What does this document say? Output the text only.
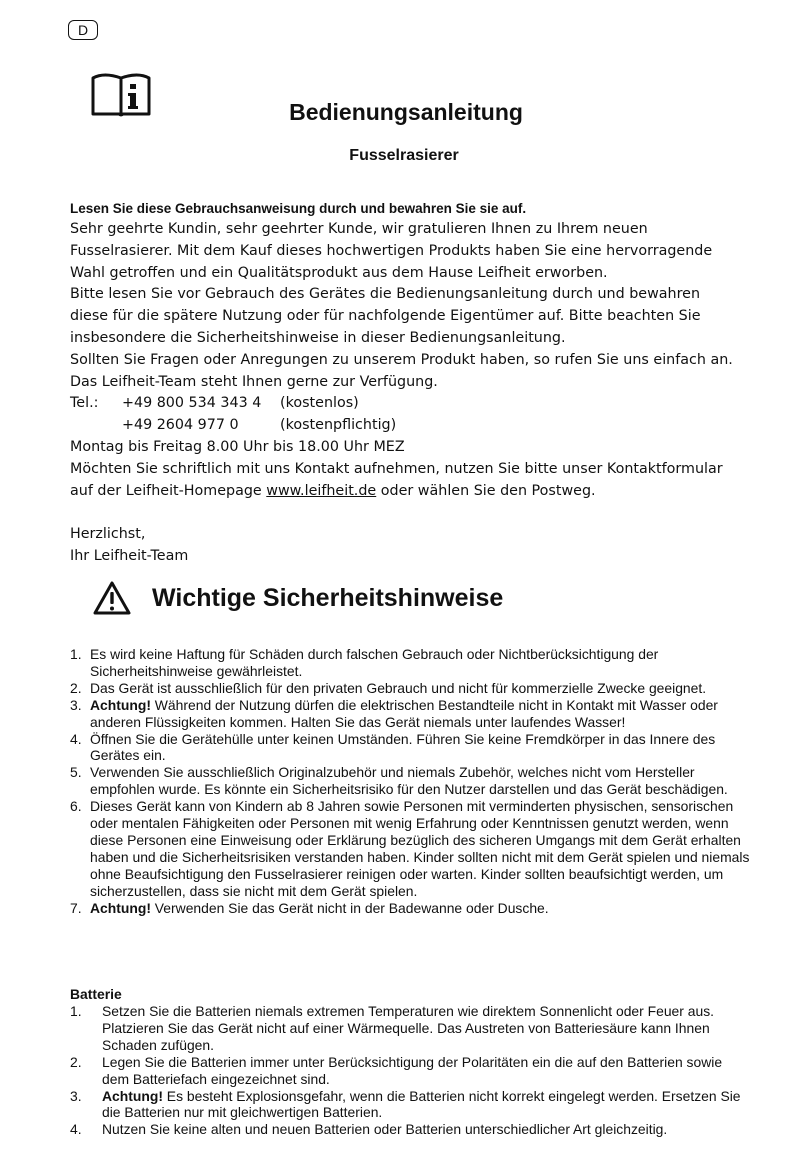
D
Bedienungsanleitung
Fusselrasierer
Lesen Sie diese Gebrauchsanweisung durch und bewahren Sie sie auf.

Sehr geehrte Kundin, sehr geehrter Kunde, wir gratulieren Ihnen zu Ihrem neuen

Fusselrasierer. Mit dem Kauf dieses hochwertigen Produkts haben Sie eine hervorragende

Wahl getroffen und ein Qualitätsprodukt aus dem Hause Leifheit erworben.

Bitte lesen Sie vor Gebrauch des Gerätes die Bedienungsanleitung durch und bewahren

diese für die spätere Nutzung oder für nachfolgende Eigentümer auf. Bitte beachten Sie

insbesondere die Sicherheitshinweise in dieser Bedienungsanleitung.

Sollten Sie Fragen oder Anregungen zu unserem Produkt haben, so rufen Sie uns einfach an.

Das Leifheit-Team steht Ihnen gerne zur Verfügung.

Tel.:	+49 800 534 343 4	(kostenlos)
+49 2604 977 0	(kostenpflichtig)

Montag bis Freitag 8.00 Uhr bis 18.00 Uhr MEZ

Möchten Sie schriftlich mit uns Kontakt aufnehmen, nutzen Sie bitte unser Kontaktformular

auf der Leifheit-Homepage www.leifheit.de oder wählen Sie den Postweg.

Herzlichst,

Ihr Leifheit-Team

Wichtige Sicherheitshinweise
1. Es wird keine Haftung für Schäden durch falschen Gebrauch oder Nichtberücksichtigung der Sicherheitshinweise gewährleistet.
2. Das Gerät ist ausschließlich für den privaten Gebrauch und nicht für kommerzielle Zwecke geeignet.
3. Achtung! Während der Nutzung dürfen die elektrischen Bestandteile nicht in Kontakt mit Wasser oder anderen Flüssigkeiten kommen. Halten Sie das Gerät niemals unter laufendes Wasser!
4. Öffnen Sie die Gerätehülle unter keinen Umständen. Führen Sie keine Fremdkörper in das Innere des Gerätes ein.
5. Verwenden Sie ausschließlich Originalzubehör und niemals Zubehör, welches nicht vom Hersteller empfohlen wurde. Es könnte ein Sicherheitsrisiko für den Nutzer darstellen und das Gerät beschädigen.
6. Dieses Gerät kann von Kindern ab 8 Jahren sowie Personen mit verminderten physischen, sensorischen oder mentalen Fähigkeiten oder Personen mit wenig Erfahrung oder Kenntnissen genutzt werden, wenn diese Personen eine Einweisung oder Erklärung bezüglich des sicheren Umgangs mit dem Gerät erhalten haben und die Sicherheitsrisiken verstanden haben. Kinder sollten nicht mit dem Gerät spielen und niemals ohne Beaufsichtigung den Fusselrasierer reinigen oder warten. Kinder sollten beaufsichtigt werden, um sicherzustellen, dass sie nicht mit dem Gerät spielen.
7. Achtung! Verwenden Sie das Gerät nicht in der Badewanne oder Dusche.
Batterie
1.	Setzen Sie die Batterien niemals extremen Temperaturen wie direktem Sonnenlicht oder Feuer aus. Platzieren Sie das Gerät nicht auf einer Wärmequelle. Das Austreten von Batteriesäure kann Ihnen Schaden zufügen.
2.	Legen Sie die Batterien immer unter Berücksichtigung der Polaritäten ein die auf den Batterien sowie dem Batteriefach eingezeichnet sind.
3.	Achtung! Es besteht Explosionsgefahr, wenn die Batterien nicht korrekt eingelegt werden. Ersetzen Sie die Batterien nur mit gleichwertigen Batterien.
4.	Nutzen Sie keine alten und neuen Batterien oder Batterien unterschiedlicher Art gleichzeitig.
